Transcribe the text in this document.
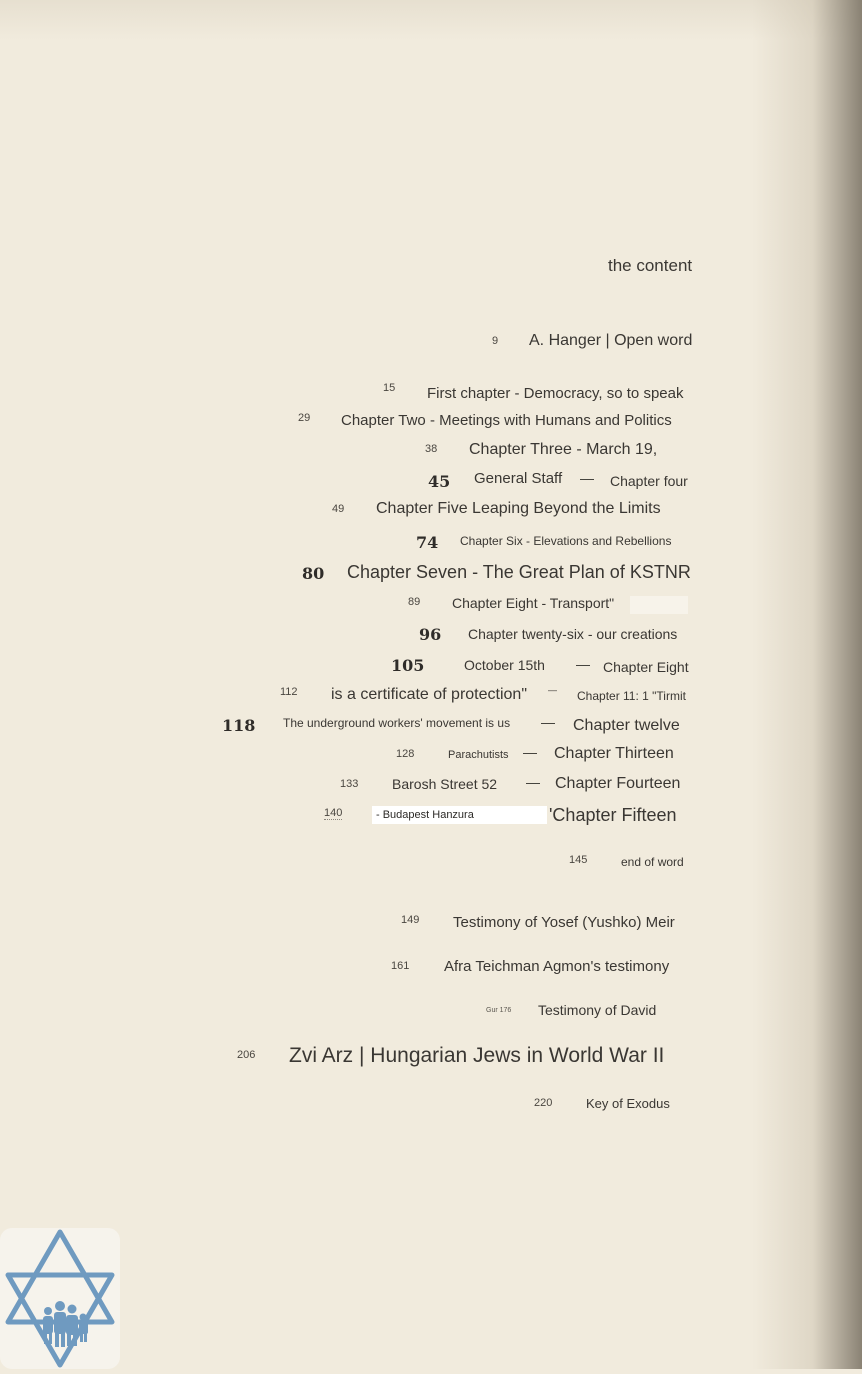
the content
9 A. Hanger | Open word
15 First chapter - Democracy, so to speak
29 Chapter Two - Meetings with Humans and Politics
38 Chapter Three - March 19,
45 General Staff — Chapter four
49 Chapter Five Leaping Beyond the Limits
74 Chapter Six - Elevations and Rebellions
80 Chapter Seven - The Great Plan of KSTNR
89 Chapter Eight - Transport"
96 Chapter twenty-six - our creations
105	October 15th — Chapter Eight
112 is a certificate of protection" — Chapter 11: 1 "Tirmit
118 The underground workers' movement is us — Chapter twelve
128	Parachutists — Chapter Thirteen
133 Barosh Street 52 — Chapter Fourteen
140	- Budapest Hanzura	'Chapter Fifteen
145	end of word
149 Testimony of Yosef (Yushko) Meir
161 Afra Teichman Agmon's testimony
Gur 176 Testimony of David
206 Zvi Arz | Hungarian Jews in World War II
220	Key of Exodus
